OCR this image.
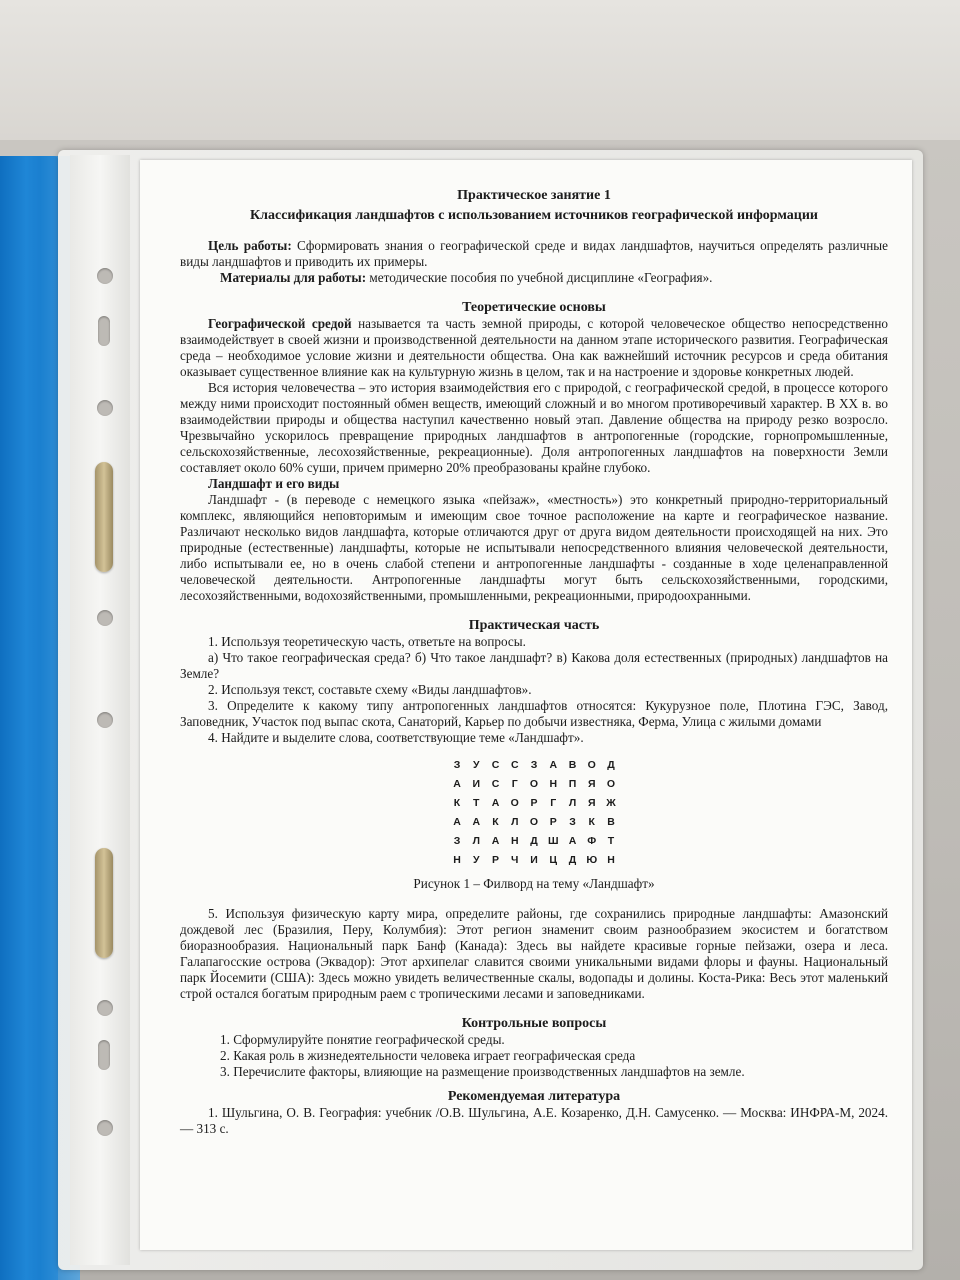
Практическое занятие 1

Классификация ландшафтов с использованием источников географической информации

Цель работы: Сформировать знания о географической среде и видах ландшафтов, научиться определять различные виды ландшафтов и приводить их примеры.

Материалы для работы: методические пособия по учебной дисциплине «География».

Теоретические основы

Географической средой называется та часть земной природы, с которой человеческое общество непосредственно взаимодействует в своей жизни и производственной деятельности на данном этапе исторического развития. Географическая среда – необходимое условие жизни и деятельности общества. Она как важнейший источник ресурсов и среда обитания оказывает существенное влияние как на культурную жизнь в целом, так и на настроение и здоровье конкретных людей.

Вся история человечества – это история взаимодействия его с природой, с географической средой, в процессе которого между ними происходит постоянный обмен веществ, имеющий сложный и во многом противоречивый характер. В ХХ в. во взаимодействии природы и общества наступил качественно новый этап. Давление общества на природу резко возросло. Чрезвычайно ускорилось превращение природных ландшафтов в антропогенные (городские, горнопромышленные, сельскохозяйственные, лесохозяйственные, рекреационные). Доля антропогенных ландшафтов на поверхности Земли составляет около 60% суши, причем примерно 20% преобразованы крайне глубоко.

Ландшафт и его виды

Ландшафт - (в переводе с немецкого языка «пейзаж», «местность») это конкретный природно-территориальный комплекс, являющийся неповторимым и имеющим свое точное расположение на карте и географическое название. Различают несколько видов ландшафта, которые отличаются друг от друга видом деятельности происходящей на них. Это природные (естественные) ландшафты, которые не испытывали непосредственного влияния человеческой деятельности, либо испытывали ее, но в очень слабой степени и антропогенные ландшафты - созданные в ходе целенаправленной человеческой деятельности. Антропогенные ландшафты могут быть сельскохозяйственными, городскими, лесохозяйственными, водохозяйственными, промышленными, рекреационными, природоохранными.

Практическая часть

1. Используя теоретическую часть, ответьте на вопросы.

а) Что такое географическая среда? б) Что такое ландшафт? в) Какова доля естественных (природных) ландшафтов на Земле?

2. Используя текст, составьте схему «Виды ландшафтов».

3. Определите к какому типу антропогенных ландшафтов относятся: Кукурузное поле, Плотина ГЭС, Завод, Заповедник, Участок под выпас скота, Санаторий, Карьер по добычи известняка, Ферма, Улица с жилыми домами

4. Найдите и выделите слова, соответствующие теме «Ландшафт».

З	У	С	С	З	А	В	О	Д
А	И	С	Г	О	Н	П	Я	О
К	Т	А	О	Р	Г	Л	Я	Ж
А	А	К	Л	О	Р	З	К	В
З	Л	А	Н	Д Ш А	Ф	Т
Н	У	Р	Ч	И	Ц	Д Ю Н

Рисунок 1 – Филворд на тему «Ландшафт»

5. Используя физическую карту мира, определите районы, где сохранились природные ландшафты: Амазонский дождевой лес (Бразилия, Перу, Колумбия): Этот регион знаменит своим разнообразием экосистем и богатством биоразнообразия. Национальный парк Банф (Канада): Здесь вы найдете красивые горные пейзажи, озера и леса. Галапагосские острова (Эквадор): Этот архипелаг славится своими уникальными видами флоры и фауны. Национальный парк Йосемити (США): Здесь можно увидеть величественные скалы, водопады и долины. Коста-Рика: Весь этот маленький строй остался богатым природным раем с тропическими лесами и заповедниками.

Контрольные вопросы

1. Сформулируйте понятие географической среды.

2. Какая роль в жизнедеятельности человека играет географическая среда

3. Перечислите факторы, влияющие на размещение производственных ландшафтов на земле.

Рекомендуемая литература

1. Шульгина, О. В. География: учебник /О.В. Шульгина, А.Е. Козаренко, Д.Н. Самусенко. — Москва: ИНФРА-М, 2024. — 313 с.
